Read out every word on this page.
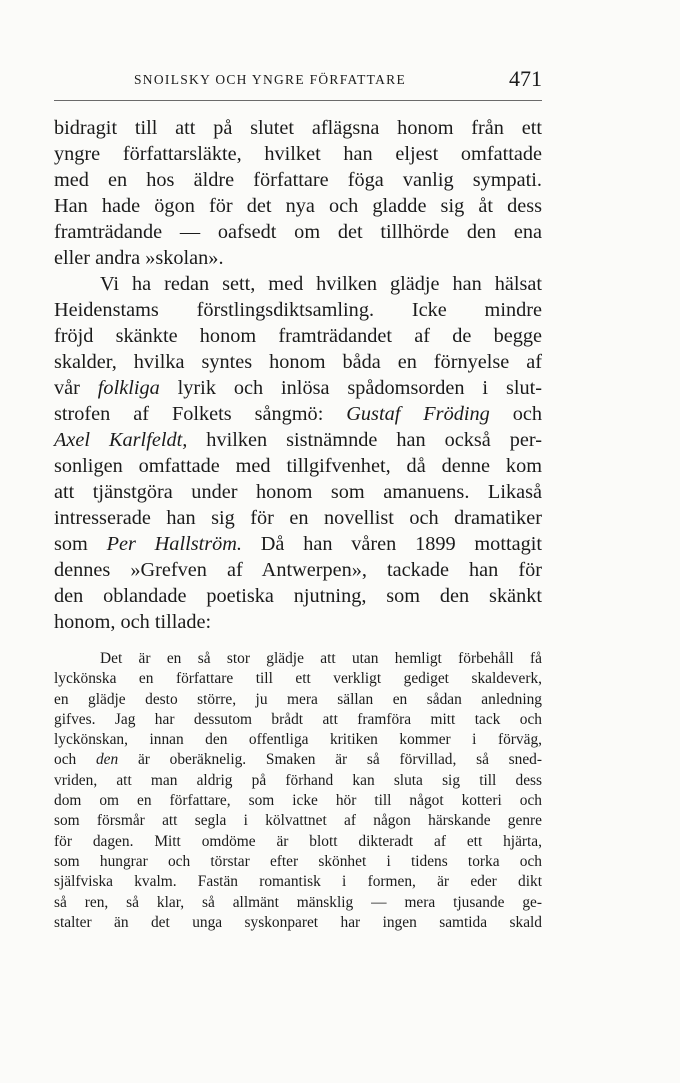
SNOILSKY OCH YNGRE FÖRFATTARE	471
bidragit till att på slutet aflägsna honom från ett
yngre författarsläkte, hvilket han eljest omfattade
med en hos äldre författare föga vanlig sympati.
Han hade ögon för det nya och gladde sig åt dess
framträdande — oafsedt om det tillhörde den ena
eller andra »skolan».
Vi ha redan sett, med hvilken glädje han hälsat
Heidenstams förstlingsdiktsamling. Icke mindre
fröjd skänkte honom framträdandet af de begge
skalder, hvilka syntes honom båda en förnyelse af
vår folkliga lyrik och inlösa spådomsorden i slut-
strofen af Folkets sångmö: Gustaf Fröding och
Axel Karlfeldt, hvilken sistnämnde han också per-
sonligen omfattade med tillgifvenhet, då denne kom
att tjänstgöra under honom som amanuens. Likaså
intresserade han sig för en novellist och dramatiker
som Per Hallström. Då han våren 1899 mottagit
dennes »Grefven af Antwerpen», tackade han för
den oblandade poetiska njutning, som den skänkt
honom, och tillade:
Det är en så stor glädje att utan hemligt förbehåll få
lyckönska en författare till ett verkligt gediget skaldeverk,
en glädje desto större, ju mera sällan en sådan anledning
gifves. Jag har dessutom brådt att framföra mitt tack och
lyckönskan, innan den offentliga kritiken kommer i förväg,
och den är oberäknelig. Smaken är så förvillad, så sned-
vriden, att man aldrig på förhand kan sluta sig till dess
dom om en författare, som icke hör till något kotteri och
som försmår att segla i kölvattnet af någon härskande genre
för dagen. Mitt omdöme är blott dikteradt af ett hjärta,
som hungrar och törstar efter skönhet i tidens torka och
själfviska kvalm. Fastän romantisk i formen, är eder dikt
så ren, så klar, så allmänt mänsklig — mera tjusande ge-
stalter än det unga syskonparet har ingen samtida skald
